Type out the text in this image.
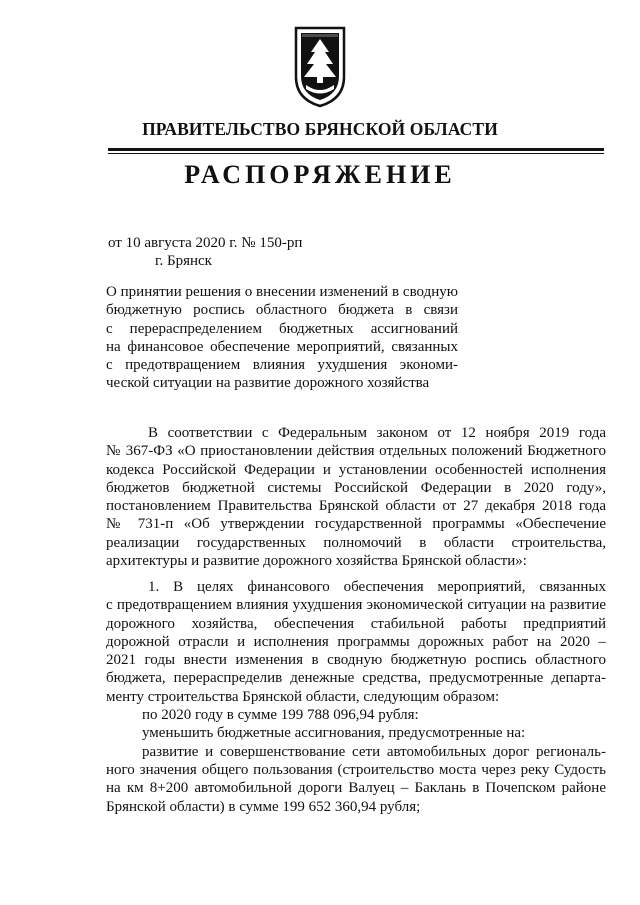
ПРАВИТЕЛЬСТВО БРЯНСКОЙ ОБЛАСТИ
РАСПОРЯЖЕНИЕ
от 10 августа 2020 г. № 150-рп
г. Брянск
О принятии решения о внесении изменений в сводную
бюджетную роспись областного бюджета в связи
с перераспределением бюджетных ассигнований
на финансовое обеспечение мероприятий, связанных
с предотвращением влияния ухудшения экономи-
ческой ситуации на развитие дорожного хозяйства
В соответствии с Федеральным законом от 12 ноября 2019 года
№ 367-ФЗ «О приостановлении действия отдельных положений Бюджетного
кодекса Российской Федерации и установлении особенностей исполнения
бюджетов бюджетной системы Российской Федерации в 2020 году»,
постановлением Правительства Брянской области от 27 декабря 2018 года
№ 731-п «Об утверждении государственной программы «Обеспечение
реализации государственных полномочий в области строительства,
архитектуры и развитие дорожного хозяйства Брянской области»:
1. В целях финансового обеспечения мероприятий, связанных
с предотвращением влияния ухудшения экономической ситуации на развитие
дорожного хозяйства, обеспечения стабильной работы предприятий
дорожной отрасли и исполнения программы дорожных работ на 2020 –
2021 годы внести изменения в сводную бюджетную роспись областного
бюджета, перераспределив денежные средства, предусмотренные департа-
менту строительства Брянской области, следующим образом:
по 2020 году в сумме 199 788 096,94 рубля:
уменьшить бюджетные ассигнования, предусмотренные на:
развитие и совершенствование сети автомобильных дорог региональ-
ного значения общего пользования (строительство моста через реку Судость
на км 8+200 автомобильной дороги Валуец – Баклань в Почепском районе
Брянской области) в сумме 199 652 360,94 рубля;
